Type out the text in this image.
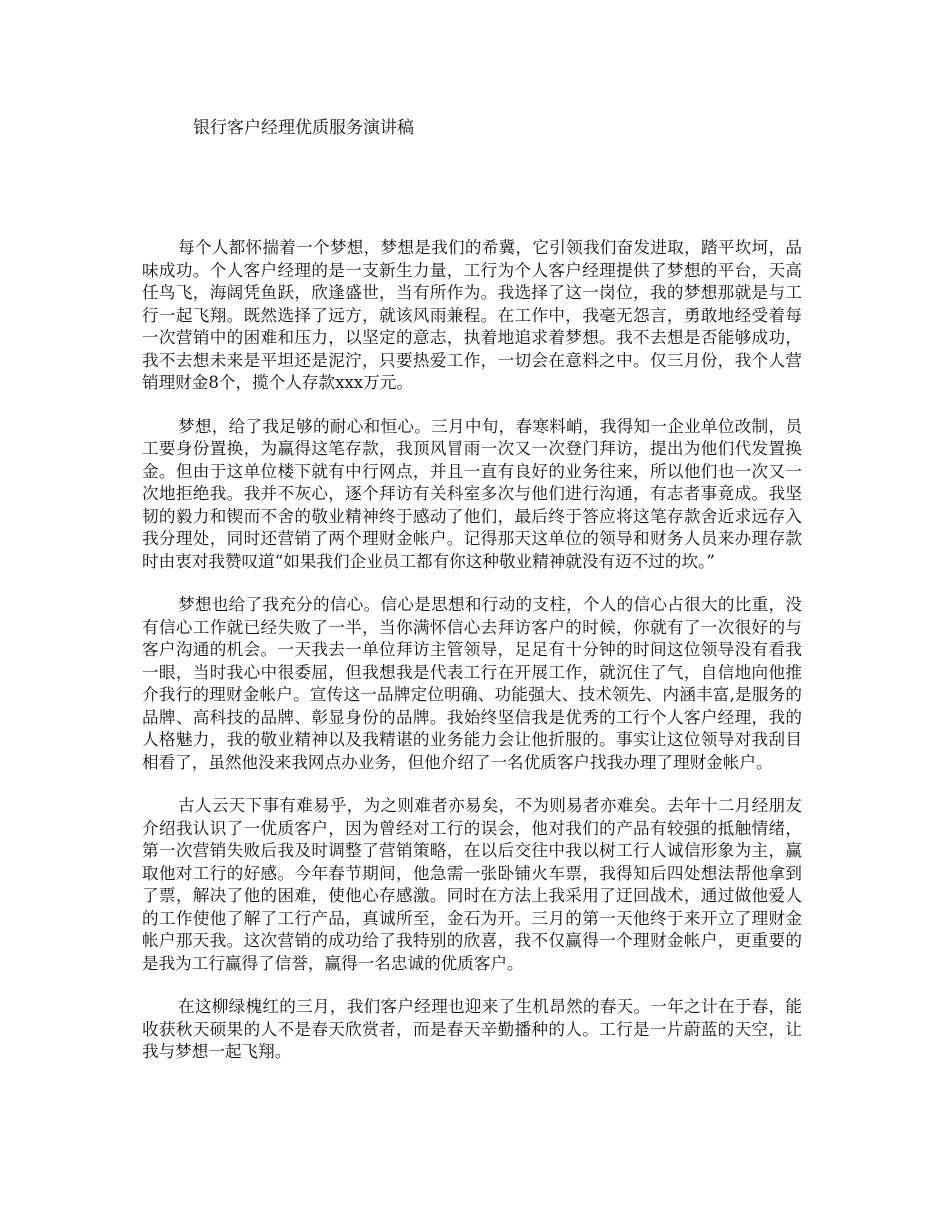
银行客户经理优质服务演讲稿

每个人都怀揣着一个梦想，梦想是我们的希冀，它引领我们奋发进取，踏平坎坷，品味成功。个人客户经理的是一支新生力量，工行为个人客户经理提供了梦想的平台，天高任鸟飞，海阔凭鱼跃，欣逢盛世，当有所作为。我选择了这一岗位，我的梦想那就是与工行一起飞翔。既然选择了远方，就该风雨兼程。在工作中，我毫无怨言，勇敢地经受着每一次营销中的困难和压力，以坚定的意志，执着地追求着梦想。我不去想是否能够成功，我不去想未来是平坦还是泥泞，只要热爱工作，一切会在意料之中。仅三月份，我个人营销理财金8个，揽个人存款xxx万元。

梦想，给了我足够的耐心和恒心。三月中旬，春寒料峭，我得知一企业单位改制，员工要身份置换，为赢得这笔存款，我顶风冒雨一次又一次登门拜访，提出为他们代发置换金。但由于这单位楼下就有中行网点，并且一直有良好的业务往来，所以他们也一次又一次地拒绝我。我并不灰心，逐个拜访有关科室多次与他们进行沟通，有志者事竟成。我坚韧的毅力和锲而不舍的敬业精神终于感动了他们，最后终于答应将这笔存款舍近求远存入我分理处，同时还营销了两个理财金帐户。记得那天这单位的领导和财务人员来办理存款时由衷对我赞叹道“如果我们企业员工都有你这种敬业精神就没有迈不过的坎。”

梦想也给了我充分的信心。信心是思想和行动的支柱，个人的信心占很大的比重，没有信心工作就已经失败了一半，当你满怀信心去拜访客户的时候，你就有了一次很好的与客户沟通的机会。一天我去一单位拜访主管领导，足足有十分钟的时间这位领导没有看我一眼，当时我心中很委屈，但我想我是代表工行在开展工作，就沉住了气，自信地向他推介我行的理财金帐户。宣传这一品牌定位明确、功能强大、技术领先、内涵丰富,是服务的品牌、高科技的品牌、彰显身份的品牌。我始终坚信我是优秀的工行个人客户经理，我的人格魅力，我的敬业精神以及我精谌的业务能力会让他折服的。事实让这位领导对我刮目相看了，虽然他没来我网点办业务，但他介绍了一名优质客户找我办理了理财金帐户。

古人云天下事有难易乎，为之则难者亦易矣，不为则易者亦难矣。去年十二月经朋友介绍我认识了一优质客户，因为曾经对工行的误会，他对我们的产品有较强的抵触情绪，第一次营销失败后我及时调整了营销策略，在以后交往中我以树工行人诚信形象为主，赢取他对工行的好感。今年春节期间，他急需一张卧铺火车票，我得知后四处想法帮他拿到了票，解决了他的困难，使他心存感激。同时在方法上我采用了迂回战术，通过做他爱人的工作使他了解了工行产品，真诚所至，金石为开。三月的第一天他终于来开立了理财金帐户那天我。这次营销的成功给了我特别的欣喜，我不仅赢得一个理财金帐户，更重要的是我为工行赢得了信誉，赢得一名忠诚的优质客户。

在这柳绿槐红的三月，我们客户经理也迎来了生机昂然的春天。一年之计在于春，能收获秋天硕果的人不是春天欣赏者，而是春天辛勤播种的人。工行是一片蔚蓝的天空，让我与梦想一起飞翔。
